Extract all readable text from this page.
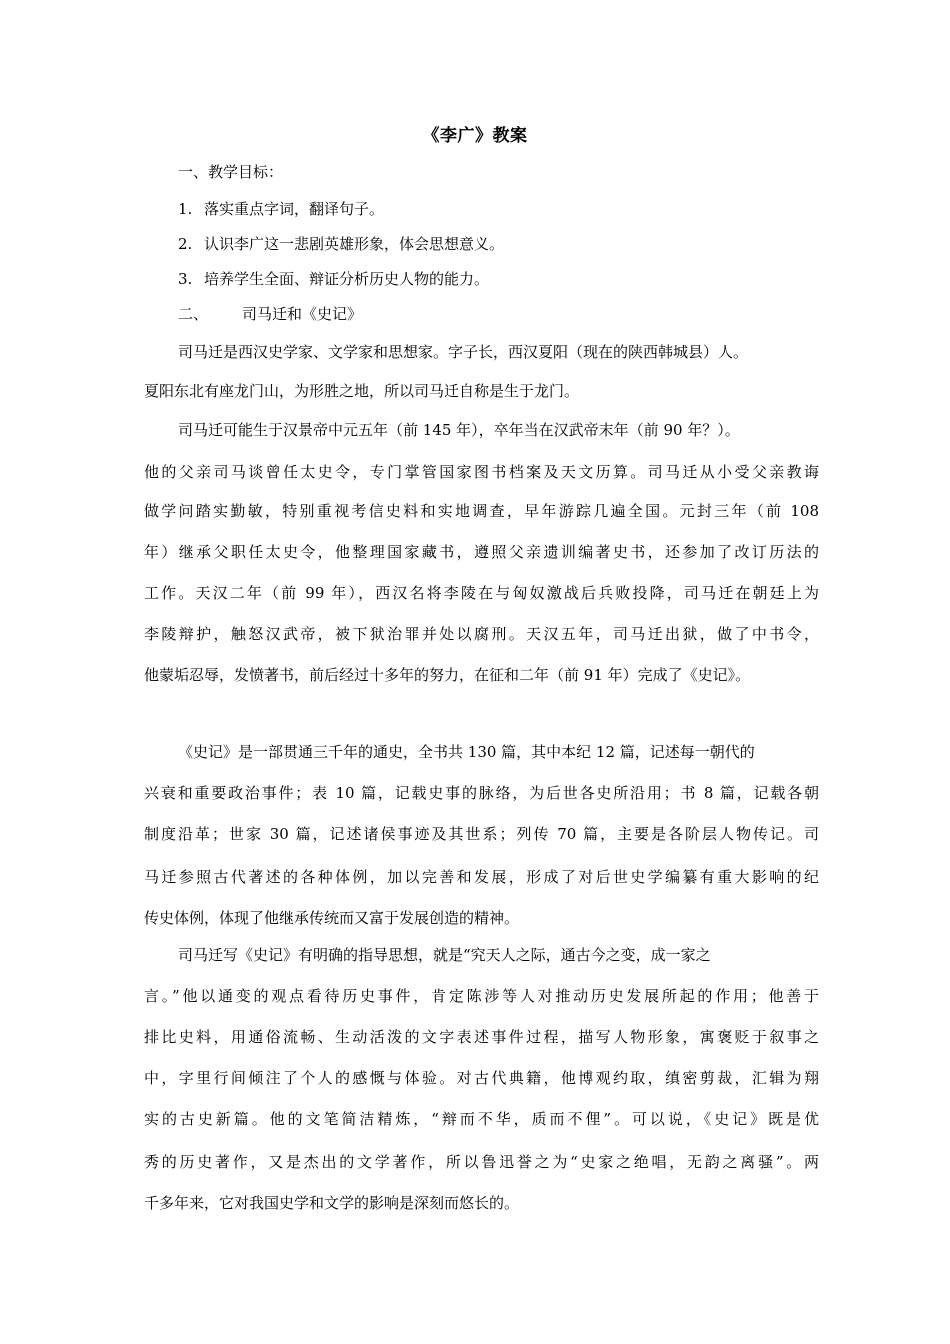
《李广》教案
一、教学目标：
1. 落实重点字词，翻译句子。
2. 认识李广这一悲剧英雄形象，体会思想意义。
3. 培养学生全面、辩证分析历史人物的能力。
二、 司马迁和《史记》
司马迁是西汉史学家、文学家和思想家。字子长，西汉夏阳（现在的陕西韩城县）人。
夏阳东北有座龙门山，为形胜之地，所以司马迁自称是生于龙门。
司马迁可能生于汉景帝中元五年（前 145 年），卒年当在汉武帝末年（前 90 年？）。
他的父亲司马谈曾任太史令，专门掌管国家图书档案及天文历算。司马迁从小受父亲教诲
做学问踏实勤敏，特别重视考信史料和实地调查，早年游踪几遍全国。元封三年（前 108
年）继承父职任太史令，他整理国家藏书，遵照父亲遗训编著史书，还参加了改订历法的
工作。天汉二年（前 99 年），西汉名将李陵在与匈奴激战后兵败投降，司马迁在朝廷上为
李陵辩护，触怒汉武帝，被下狱治罪并处以腐刑。天汉五年，司马迁出狱，做了中书令，
他蒙垢忍辱，发愤著书，前后经过十多年的努力，在征和二年（前 91 年）完成了《史记》。
《史记》是一部贯通三千年的通史，全书共 130 篇，其中本纪 12 篇，记述每一朝代的
兴衰和重要政治事件；表 10 篇，记载史事的脉络，为后世各史所沿用；书 8 篇，记载各朝
制度沿革；世家 30 篇，记述诸侯事迹及其世系；列传 70 篇，主要是各阶层人物传记。司
马迁参照古代著述的各种体例，加以完善和发展，形成了对后世史学编纂有重大影响的纪
传史体例，体现了他继承传统而又富于发展创造的精神。
司马迁写《史记》有明确的指导思想，就是“究天人之际，通古今之变，成一家之
言。”他以通变的观点看待历史事件，肯定陈涉等人对推动历史发展所起的作用；他善于
排比史料，用通俗流畅、生动活泼的文字表述事件过程，描写人物形象，寓褒贬于叙事之
中，字里行间倾注了个人的感慨与体验。对古代典籍，他博观约取，缜密剪裁，汇辑为翔
实的古史新篇。他的文笔简洁精炼，“辩而不华，质而不俚”。可以说，《史记》既是优
秀的历史著作，又是杰出的文学著作，所以鲁迅誉之为“史家之绝唱，无韵之离骚”。两
千多年来，它对我国史学和文学的影响是深刻而悠长的。
